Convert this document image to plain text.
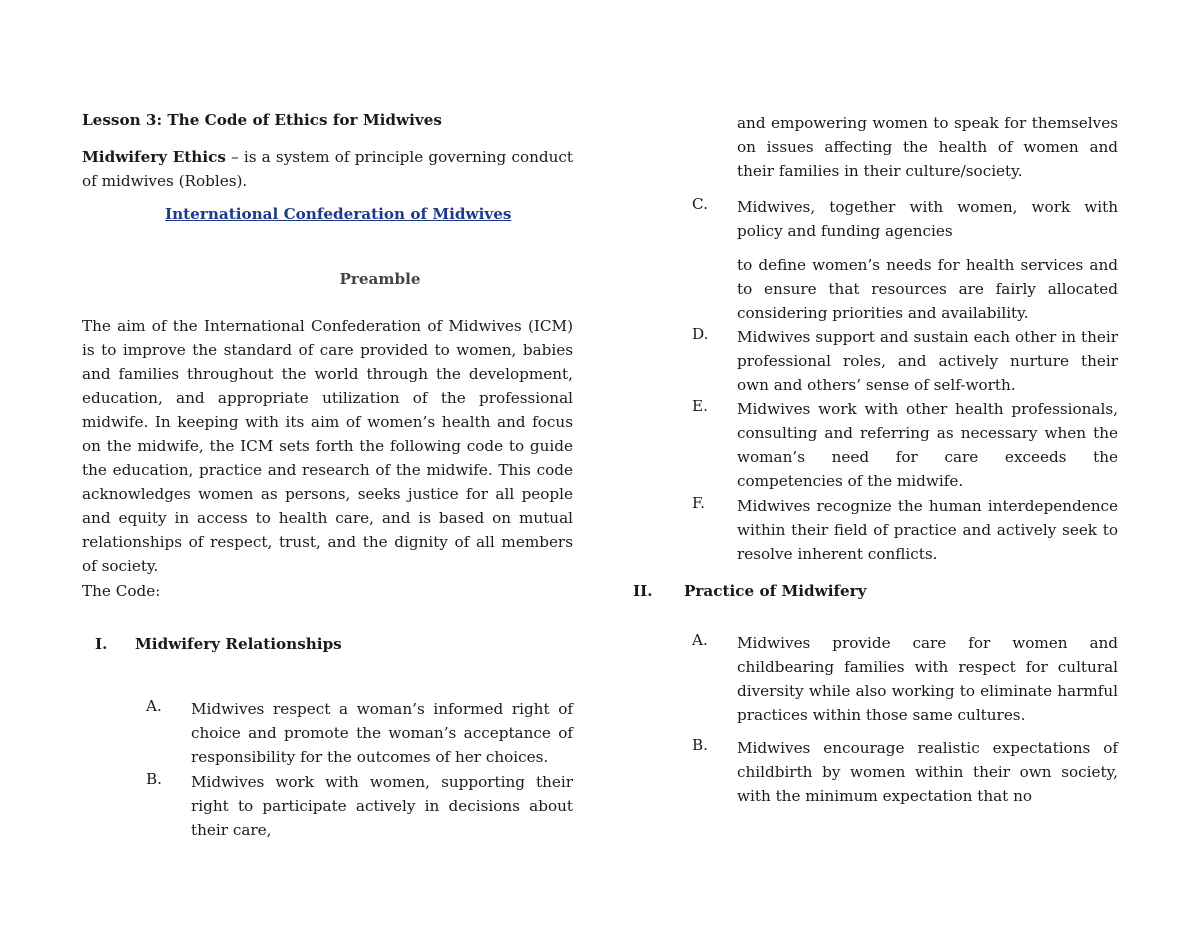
Lesson 3: The Code of Ethics for Midwives
Midwifery Ethics – is a system of principle governing conduct of midwives (Robles).
International Confederation of Midwives
Preamble
The aim of the International Confederation of Midwives (ICM) is to improve the standard of care provided to women, babies and families throughout the world through the development, education, and appropriate utilization of the professional midwife. In keeping with its aim of women’s health and focus on the midwife, the ICM sets forth the following code to guide the education, practice and research of the midwife. This code acknowledges women as persons, seeks justice for all people and equity in access to health care, and is based on mutual relationships of respect, trust, and the dignity of all members of society.
The Code:
I. Midwifery Relationships
A.	Midwives respect a woman’s informed right of choice and promote the woman’s acceptance of responsibility for the outcomes of her choices.
B.	Midwives work with women, supporting their right to participate actively in decisions about their care,
and empowering women to speak for themselves on issues affecting the health of women and their families in their culture/society.
C.	Midwives, together with women, work with policy and funding agencies
to define women’s needs for health services and to ensure that resources are fairly allocated considering priorities and availability.
D.	Midwives support and sustain each other in their professional roles, and actively nurture their own and others’ sense of self-worth.
E.	Midwives work with other health professionals, consulting and referring as necessary when the woman’s need for care exceeds the competencies of the midwife.
F.	Midwives recognize the human interdependence within their field of practice and actively seek to resolve inherent conflicts.
II. Practice of Midwifery
A.	Midwives provide care for women and childbearing families with respect for cultural diversity while also working to eliminate harmful practices within those same cultures.
B.	Midwives encourage realistic expectations of childbirth by women within their own society, with the minimum expectation that no
